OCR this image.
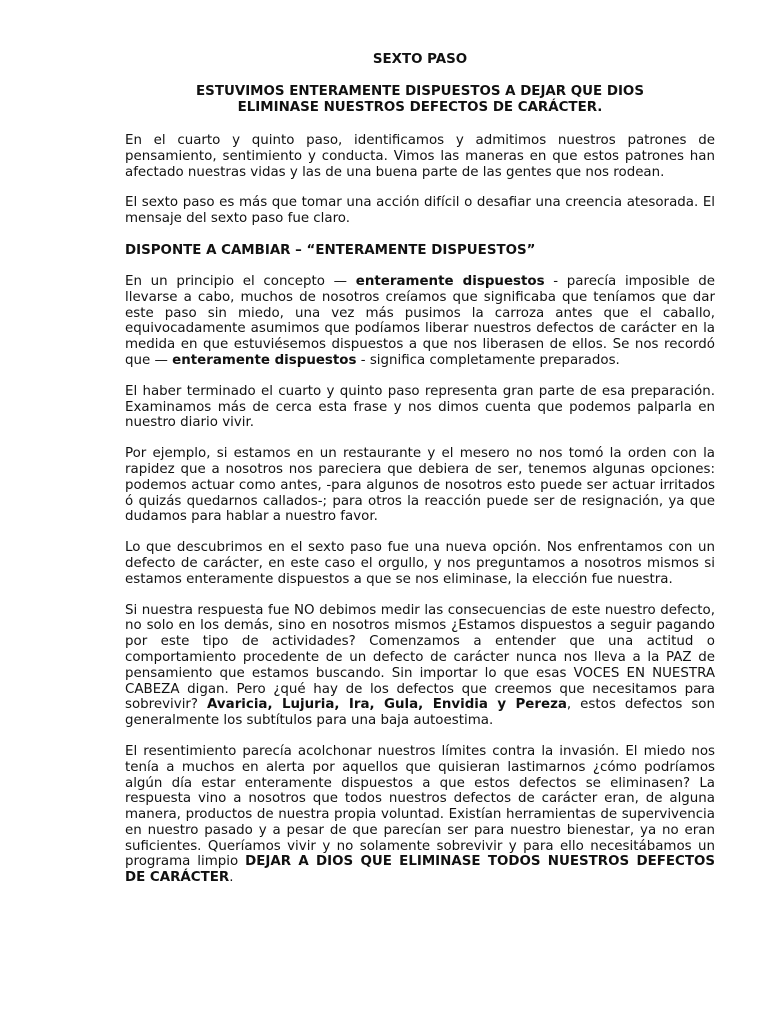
SEXTO PASO
ESTUVIMOS ENTERAMENTE DISPUESTOS A DEJAR QUE DIOS
ELIMINASE NUESTROS DEFECTOS DE CARÁCTER.

En el cuarto y quinto paso, identificamos y admitimos nuestros patrones de pensamiento, sentimiento y conducta. Vimos las maneras en que estos patrones han afectado nuestras vidas y las de una buena parte de las gentes que nos rodean.

El sexto paso es más que tomar una acción difícil o desafiar una creencia atesorada. El mensaje del sexto paso fue claro.

DISPONTE A CAMBIAR – “ENTERAMENTE DISPUESTOS”

En un principio el concepto — enteramente dispuestos - parecía imposible de llevarse a cabo, muchos de nosotros creíamos que significaba que teníamos que dar este paso sin miedo, una vez más pusimos la carroza antes que el caballo, equivocadamente asumimos que podíamos liberar nuestros defectos de carácter en la medida en que estuviésemos dispuestos a que nos liberasen de ellos. Se nos recordó que — enteramente dispuestos - significa completamente preparados.

El haber terminado el cuarto y quinto paso representa gran parte de esa preparación. Examinamos más de cerca esta frase y nos dimos cuenta que podemos palparla en nuestro diario vivir.

Por ejemplo, si estamos en un restaurante y el mesero no nos tomó la orden con la rapidez que a nosotros nos pareciera que debiera de ser, tenemos algunas opciones: podemos actuar como antes, -para algunos de nosotros esto puede ser actuar irritados ó quizás quedarnos callados-; para otros la reacción puede ser de resignación, ya que dudamos para hablar a nuestro favor.

Lo que descubrimos en el sexto paso fue una nueva opción. Nos enfrentamos con un defecto de carácter, en este caso el orgullo, y nos preguntamos a nosotros mismos si estamos enteramente dispuestos a que se nos eliminase, la elección fue nuestra.

Si nuestra respuesta fue NO debimos medir las consecuencias de este nuestro defecto, no solo en los demás, sino en nosotros mismos ¿Estamos dispuestos a seguir pagando por este tipo de actividades? Comenzamos a entender que una actitud o comportamiento procedente de un defecto de carácter nunca nos lleva a la PAZ de pensamiento que estamos buscando. Sin importar lo que esas VOCES EN NUESTRA CABEZA digan. Pero ¿qué hay de los defectos que creemos que necesitamos para sobrevivir? Avaricia, Lujuria, Ira, Gula, Envidia y Pereza, estos defectos son generalmente los subtítulos para una baja autoestima.

El resentimiento parecía acolchonar nuestros límites contra la invasión. El miedo nos tenía a muchos en alerta por aquellos que quisieran lastimarnos ¿cómo podríamos algún día estar enteramente dispuestos a que estos defectos se eliminasen? La respuesta vino a nosotros que todos nuestros defectos de carácter eran, de alguna manera, productos de nuestra propia voluntad. Existían herramientas de supervivencia en nuestro pasado y a pesar de que parecían ser para nuestro bienestar, ya no eran suficientes. Queríamos vivir y no solamente sobrevivir y para ello necesitábamos un programa limpio DEJAR A DIOS QUE ELIMINASE TODOS NUESTROS DEFECTOS DE CARÁCTER.
